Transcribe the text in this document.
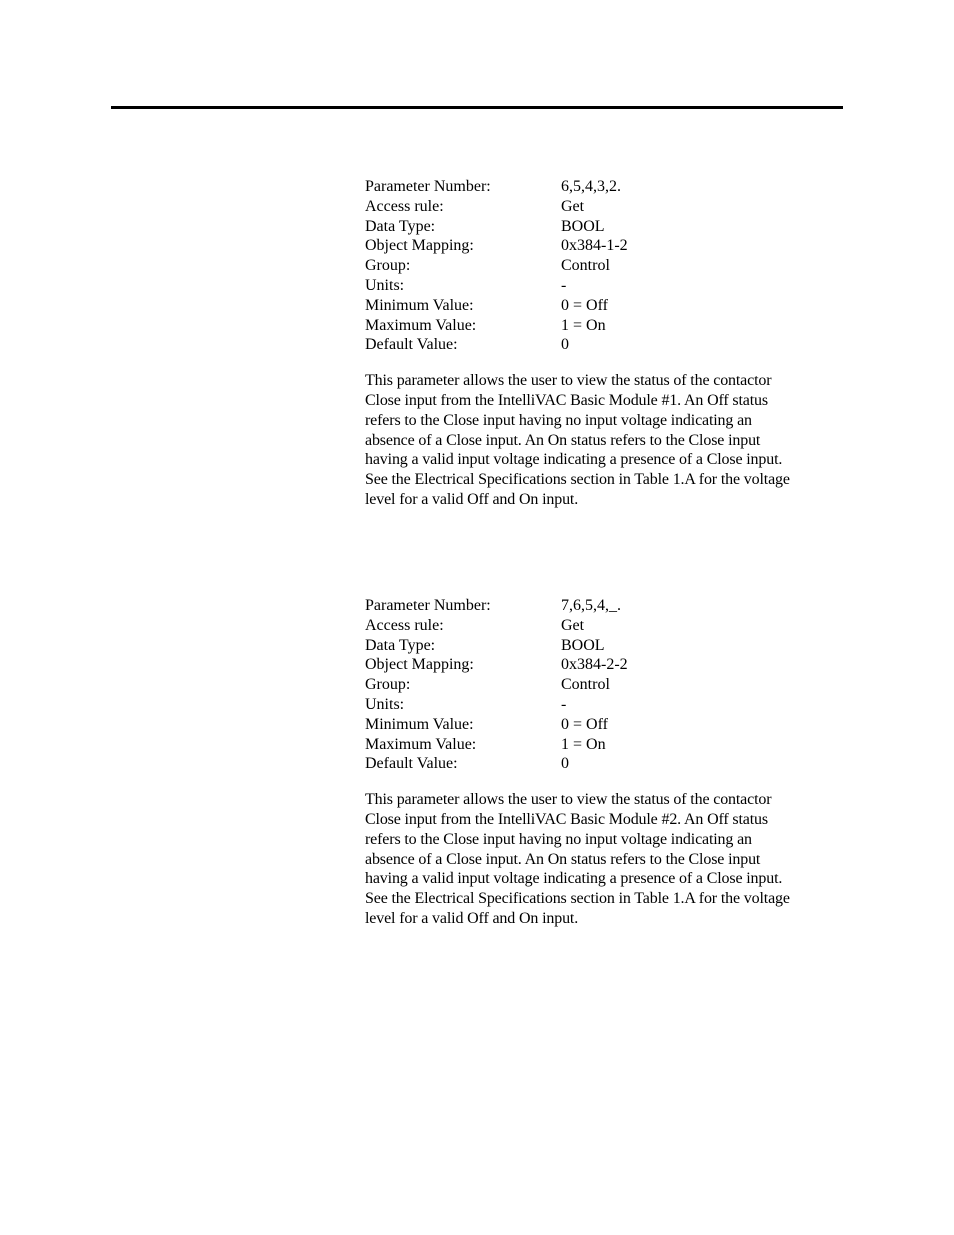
Parameter Number:	6,5,4,3,2.
Access rule:	Get
Data Type:	BOOL
Object Mapping:	0x384-1-2
Group:	Control
Units:	-
Minimum Value:	0 = Off
Maximum Value:	1 = On
Default Value:	0
This parameter allows the user to view the status of the contactor
Close input from the IntelliVAC Basic Module #1. An Off status
refers to the Close input having no input voltage indicating an
absence of a Close input. An On status refers to the Close input
having a valid input voltage indicating a presence of a Close input.
See the Electrical Specifications section in Table 1.A for the voltage
level for a valid Off and On input.
Parameter Number:	7,6,5,4,_.
Access rule:	Get
Data Type:	BOOL
Object Mapping:	0x384-2-2
Group:	Control
Units:	-
Minimum Value:	0 = Off
Maximum Value:	1 = On
Default Value:	0
This parameter allows the user to view the status of the contactor
Close input from the IntelliVAC Basic Module #2. An Off status
refers to the Close input having no input voltage indicating an
absence of a Close input. An On status refers to the Close input
having a valid input voltage indicating a presence of a Close input.
See the Electrical Specifications section in Table 1.A for the voltage
level for a valid Off and On input.
